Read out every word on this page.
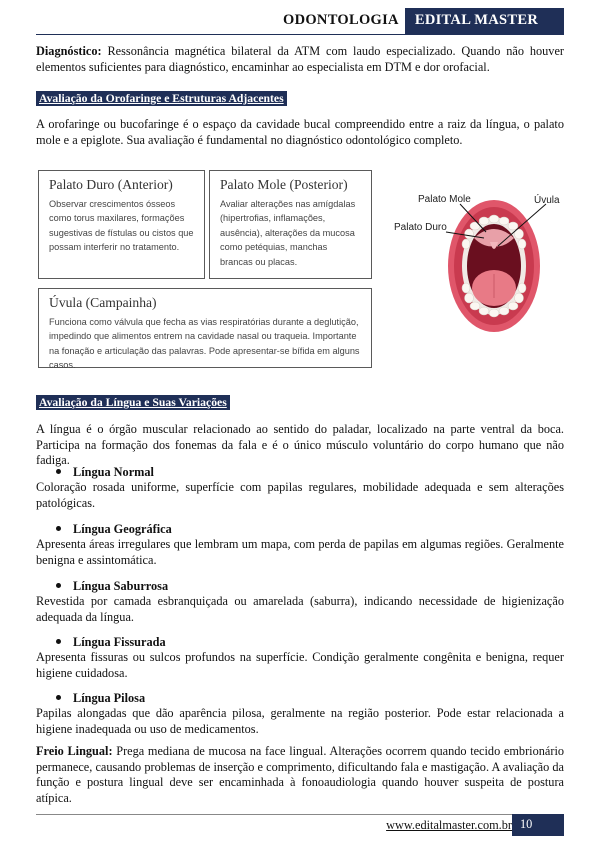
ODONTOLOGIA	EDITAL MASTER
Diagnóstico: Ressonância magnética bilateral da ATM com laudo especializado. Quando não houver elementos suficientes para diagnóstico, encaminhar ao especialista em DTM e dor orofacial.
Avaliação da Orofaringe e Estruturas Adjacentes
A orofaringe ou bucofaringe é o espaço da cavidade bucal compreendido entre a raiz da língua, o palato mole e a epiglote. Sua avaliação é fundamental no diagnóstico odontológico completo.
Palato Duro (Anterior)
Observar crescimentos ósseos como torus maxilares, formações sugestivas de fístulas ou cistos que possam interferir no tratamento.
Palato Mole (Posterior)
Avaliar alterações nas amígdalas (hipertrofias, inflamações, ausência), alterações da mucosa como petéquias, manchas brancas ou placas.
Úvula (Campainha)
Funciona como válvula que fecha as vias respiratórias durante a deglutição, impedindo que alimentos entrem na cavidade nasal ou traqueia. Importante na fonação e articulação das palavras. Pode apresentar-se bífida em alguns casos.
Palato Mole	Úvula
Palato Duro
Avaliação da Língua e Suas Variações
A língua é o órgão muscular relacionado ao sentido do paladar, localizado na parte ventral da boca. Participa na formação dos fonemas da fala e é o único músculo voluntário do corpo humano que não fadiga.
Língua Normal
Coloração rosada uniforme, superfície com papilas regulares, mobilidade adequada e sem alterações patológicas.
Língua Geográfica
Apresenta áreas irregulares que lembram um mapa, com perda de papilas em algumas regiões. Geralmente benigna e assintomática.
Língua Saburrosa
Revestida por camada esbranquiçada ou amarelada (saburra), indicando necessidade de higienização adequada da língua.
Língua Fissurada
Apresenta fissuras ou sulcos profundos na superfície. Condição geralmente congênita e benigna, requer higiene cuidadosa.
Língua Pilosa
Papilas alongadas que dão aparência pilosa, geralmente na região posterior. Pode estar relacionada a higiene inadequada ou uso de medicamentos.
Freio Lingual: Prega mediana de mucosa na face lingual. Alterações ocorrem quando tecido embrionário permanece, causando problemas de inserção e comprimento, dificultando fala e mastigação. A avaliação da função e postura lingual deve ser encaminhada à fonoaudiologia quando houver suspeita de postura atípica.
www.editalmaster.com.br 10
